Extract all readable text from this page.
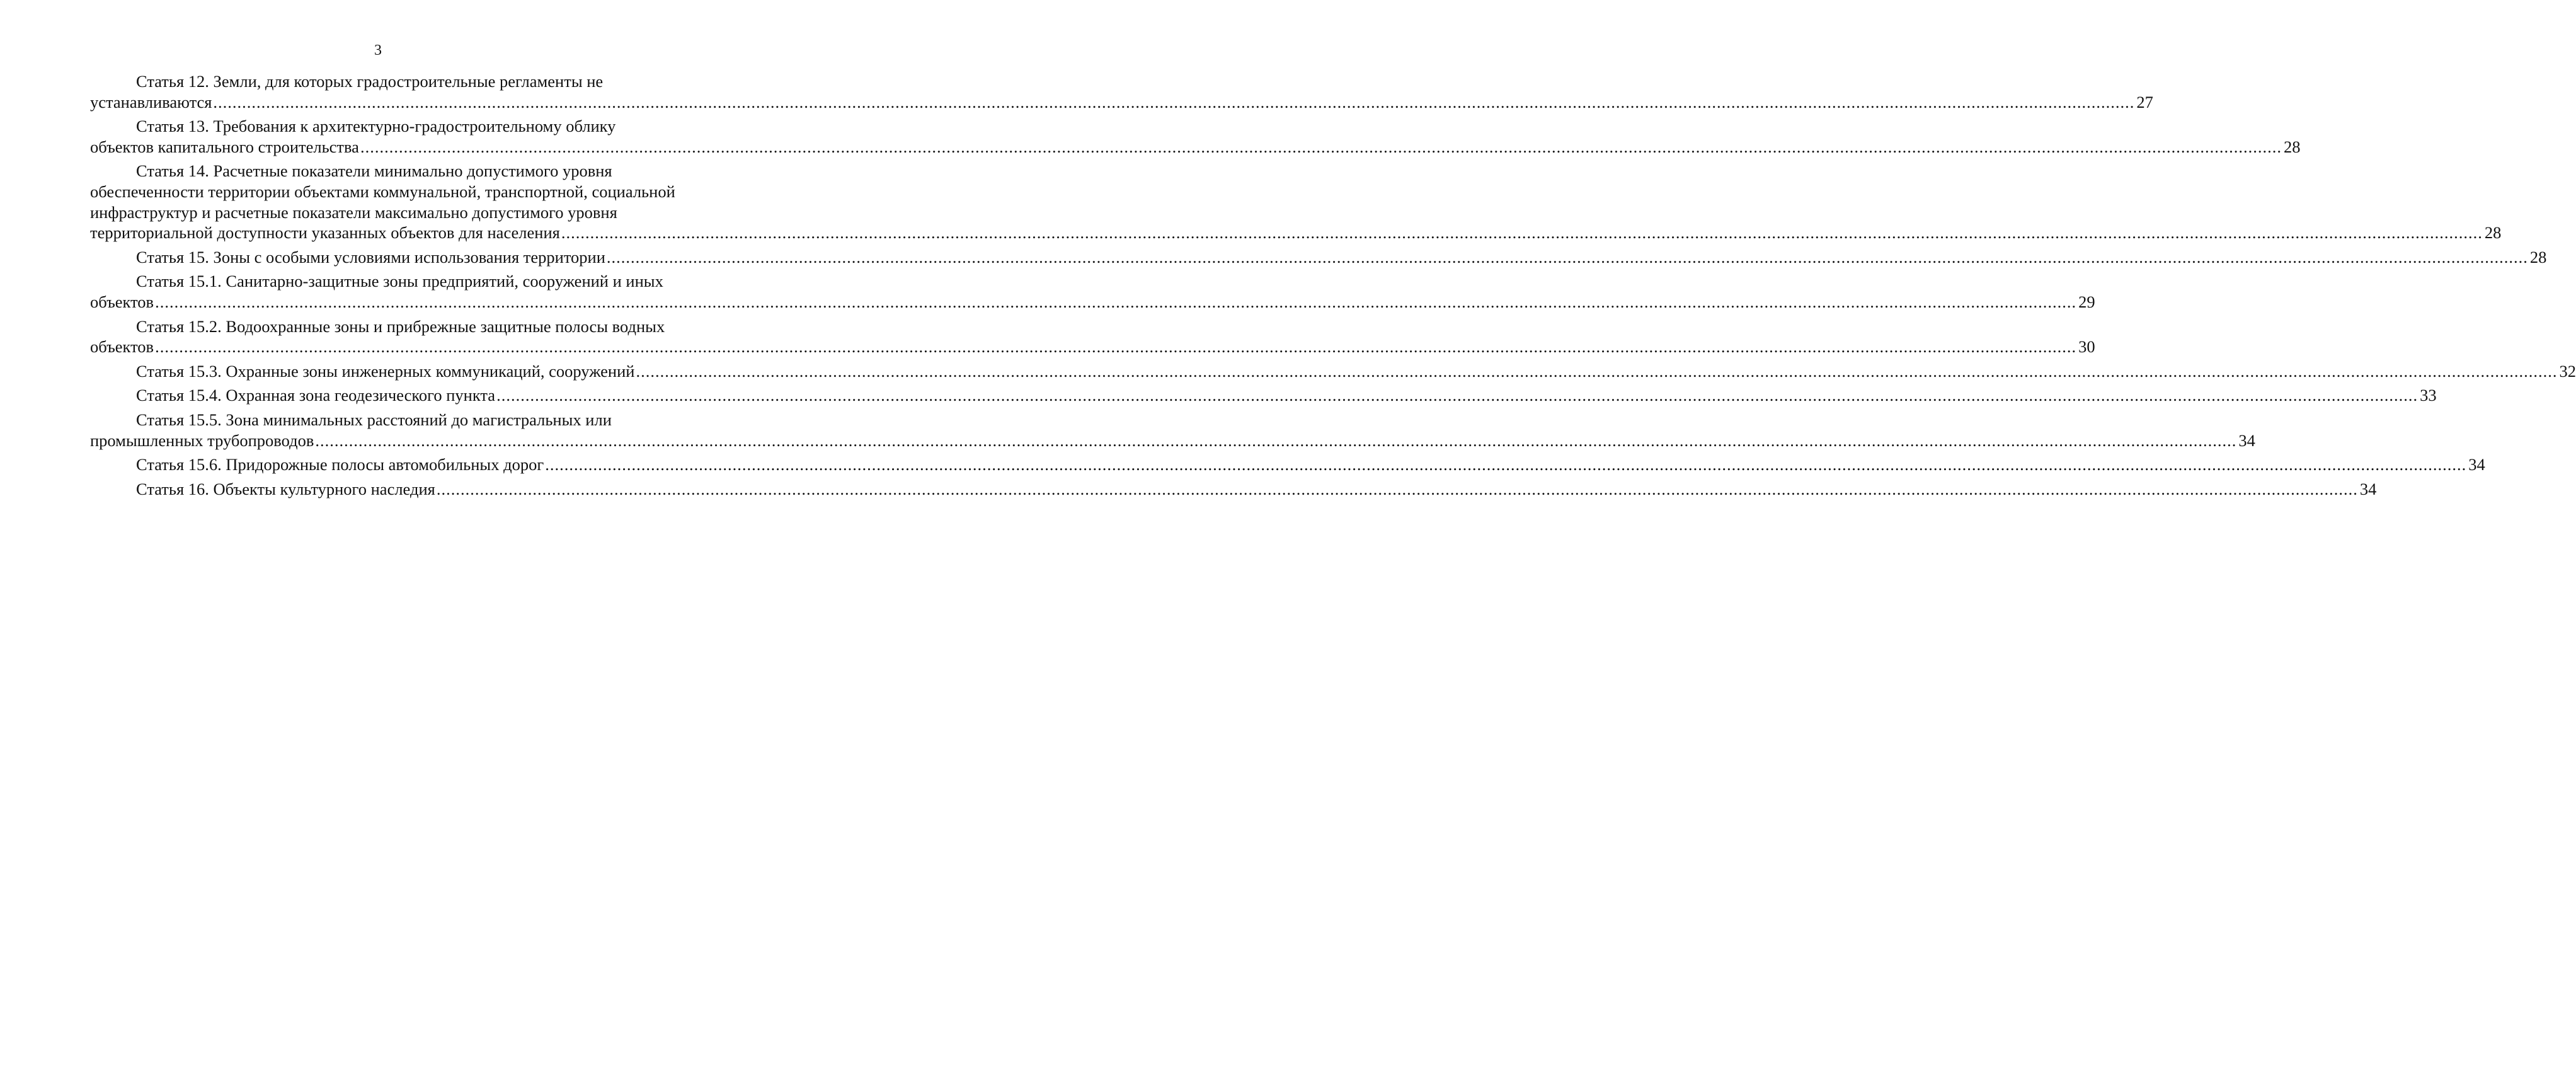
3
Статья 12. Земли, для которых градостроительные регламенты не
устанавливаются ................................................................................................................................................................................................................................................................................................................................................................................................................ 27
Статья 13. Требования к архитектурно-градостроительному облику
объектов капитального строительства ................................................................................................................................................................................................................................................................................................................................................................................................................ 28
Статья 14. Расчетные показатели минимально допустимого уровня
обеспеченности территории объектами коммунальной, транспортной, социальной
инфраструктур и расчетные показатели максимально допустимого уровня
территориальной доступности указанных объектов для населения ................................................................................................................................................................................................................................................................................................................................................................................................................ 28
Статья 15. Зоны с особыми условиями использования территории ................................................................................................................................................................................................................................................................................................................................................................................................................ 28
Статья 15.1. Санитарно-защитные зоны предприятий, сооружений и иных
объектов ................................................................................................................................................................................................................................................................................................................................................................................................................ 29
Статья 15.2. Водоохранные зоны и прибрежные защитные полосы водных
объектов ................................................................................................................................................................................................................................................................................................................................................................................................................ 30
Статья 15.3. Охранные зоны инженерных коммуникаций, сооружений ................................................................................................................................................................................................................................................................................................................................................................................................................ 32
Статья 15.4. Охранная зона геодезического пункта ................................................................................................................................................................................................................................................................................................................................................................................................................ 33
Статья 15.5. Зона минимальных расстояний до магистральных или
промышленных трубопроводов ................................................................................................................................................................................................................................................................................................................................................................................................................ 34
Статья 15.6. Придорожные полосы автомобильных дорог ................................................................................................................................................................................................................................................................................................................................................................................................................ 34
Статья 16. Объекты культурного наследия ................................................................................................................................................................................................................................................................................................................................................................................................................ 34
